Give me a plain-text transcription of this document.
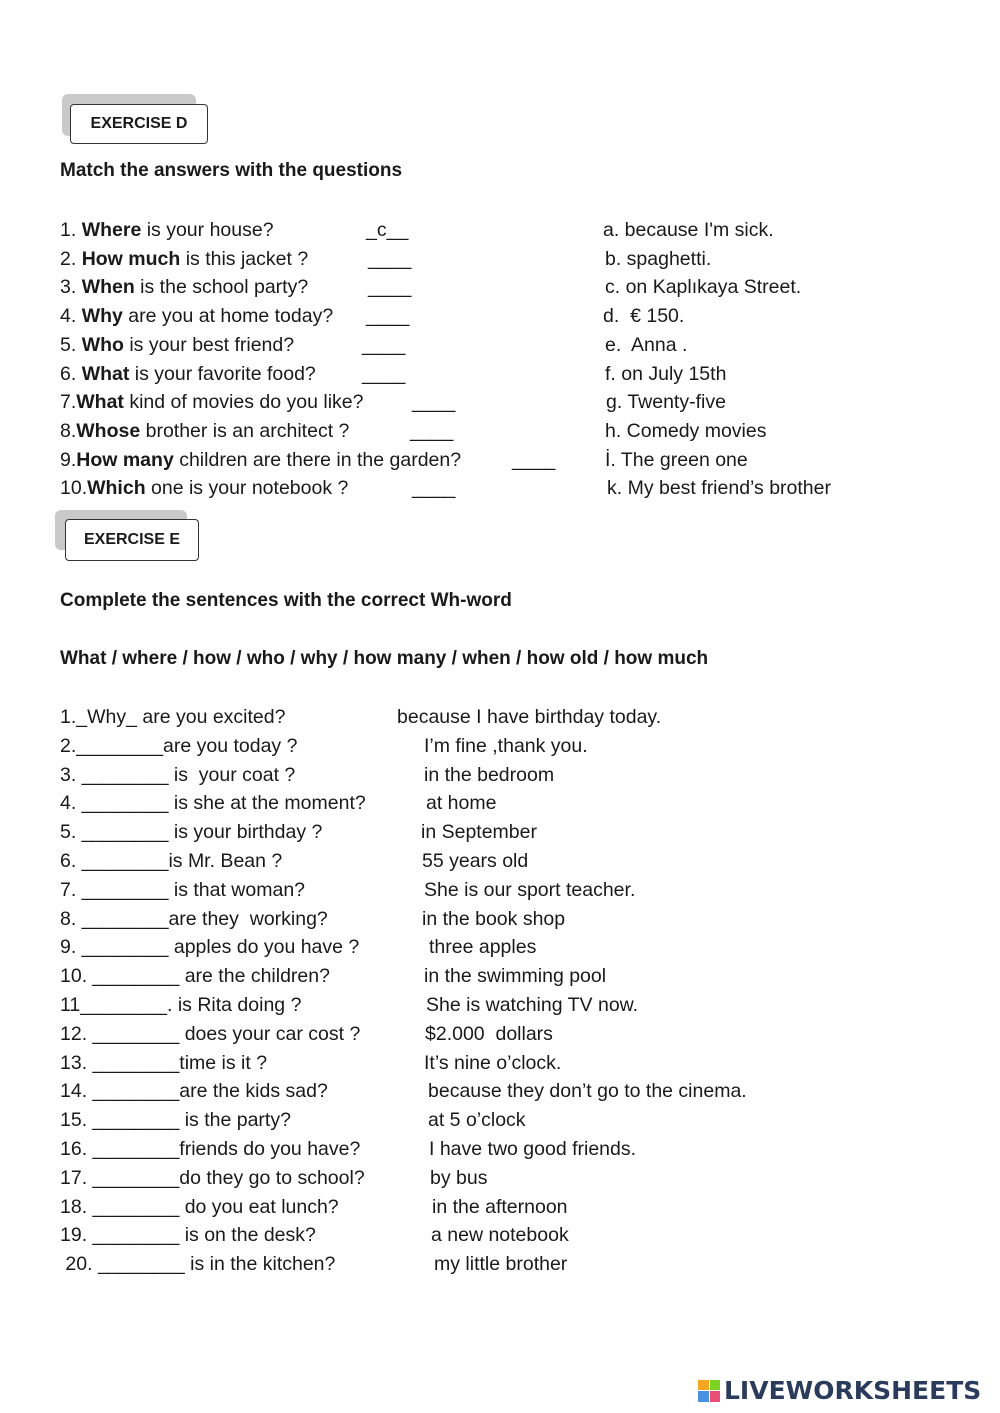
EXERCISE D
Match the answers with the questions
1. Where is your house?	_c__	a. because I'm sick.
2. How much is this jacket ?	____	b. spaghetti.
3. When is the school party?	____	c. on Kaplıkaya Street.
4. Why are you at home today? ____	d.  € 150.
5. Who is your best friend?	____	e.  Anna .
6. What is your favorite food? ____	f. on July 15th
7.What kind of movies do you like? ____	g. Twenty-five
8.Whose brother is an architect ?	____	h. Comedy movies
9.How many children are there in the garden?	____	İ. The green one
10.Which one is your notebook ?	____	k. My best friend’s brother
EXERCISE E
Complete the sentences with the correct Wh-word
What / where / how / who / why / how many / when / how old / how much
1._Why_ are you excited?	because I have birthday today.
2.________are you today ?	I’m fine ,thank you.
3. ________ is  your coat ?	in the bedroom
4. ________ is she at the moment?	at home
5. ________ is your birthday ?	in September
6. ________is Mr. Bean ?	55 years old
7. ________ is that woman?	She is our sport teacher.
8. ________are they  working?	in the book shop
9. ________ apples do you have ?	three apples
10. ________ are the children?	in the swimming pool
11________. is Rita doing ?	She is watching TV now.
12. ________ does your car cost ?	$2.000  dollars
13. ________time is it ?	It’s nine o’clock.
14. ________are the kids sad?	because they don’t go to the cinema.
15. ________ is the party?	at 5 o’clock
16. ________friends do you have?	I have two good friends.
17. ________do they go to school?	by bus
18. ________ do you eat lunch?	in the afternoon
19. ________ is on the desk?	a new notebook
20. ________ is in the kitchen?	my little brother
LIVEWORKSHEETS
